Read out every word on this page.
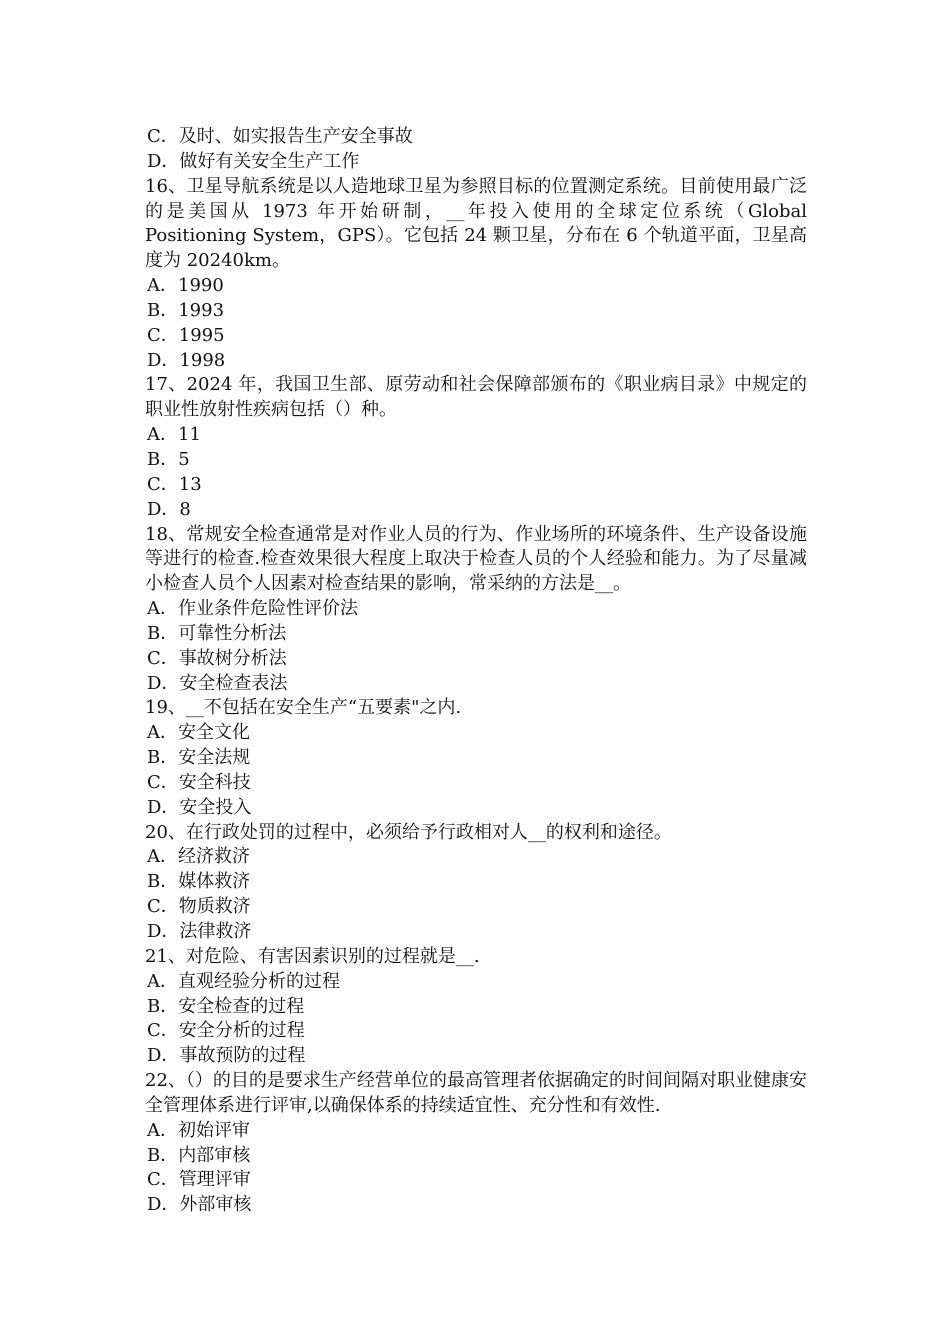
C．及时、如实报告生产安全事故

D．做好有关安全生产工作

16、卫星导航系统是以人造地球卫星为参照目标的位置测定系统。目前使用最广泛的是美国从 1973 年开始研制，__年投入使用的全球定位系统（Global Positioning System，GPS）。它包括 24 颗卫星，分布在 6 个轨道平面，卫星高度为 20240km。

A．1990

B．1993

C．1995

D．1998

17、2024 年，我国卫生部、原劳动和社会保障部颁布的《职业病目录》中规定的职业性放射性疾病包括（）种。

A．11

B．5

C．13

D．8

18、常规安全检查通常是对作业人员的行为、作业场所的环境条件、生产设备设施等进行的检查.检查效果很大程度上取决于检查人员的个人经验和能力。为了尽量减小检查人员个人因素对检查结果的影响，常采纳的方法是__。

A．作业条件危险性评价法

B．可靠性分析法

C．事故树分析法

D．安全检查表法

19、__不包括在安全生产“五要素"之内.

A．安全文化

B．安全法规

C．安全科技

D．安全投入

20、在行政处罚的过程中，必须给予行政相对人__的权利和途径。

A．经济救济

B．媒体救济

C．物质救济

D．法律救济

21、对危险、有害因素识别的过程就是__.

A．直观经验分析的过程

B．安全检查的过程

C．安全分析的过程

D．事故预防的过程

22、（）的目的是要求生产经营单位的最高管理者依据确定的时间间隔对职业健康安全管理体系进行评审,以确保体系的持续适宜性、充分性和有效性.

A．初始评审

B．内部审核

C．管理评审

D．外部审核
